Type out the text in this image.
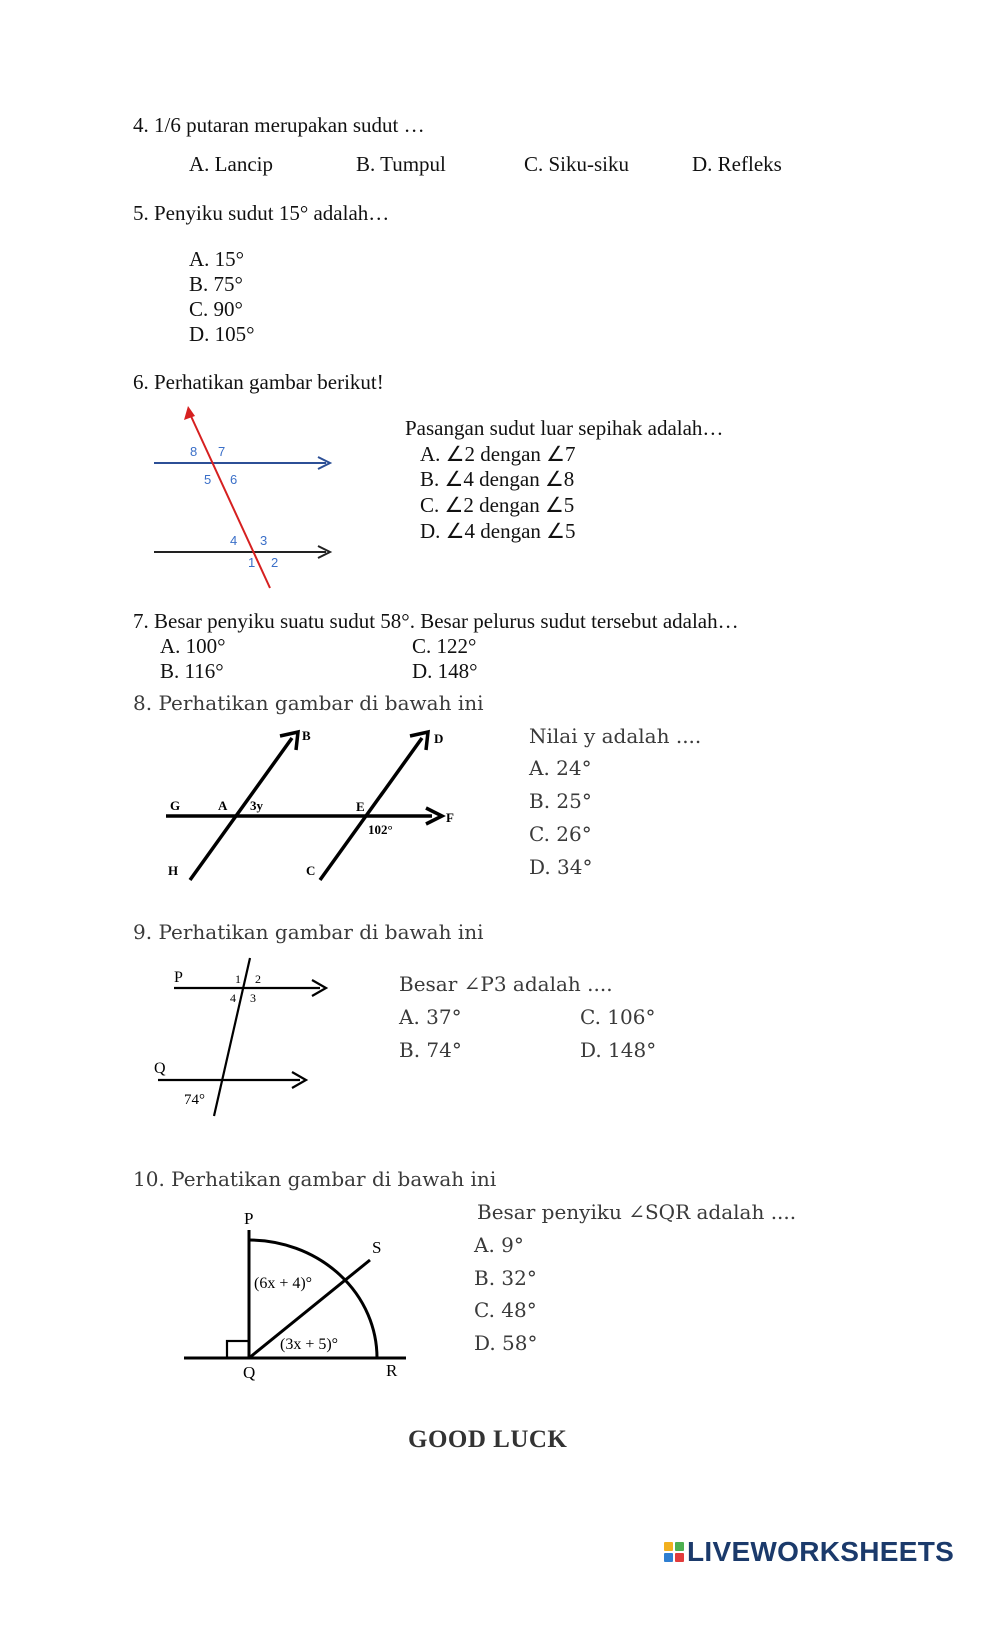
4. 1/6 putaran merupakan sudut …
A. Lancip	B. Tumpul	C. Siku-siku	D. Refleks
5. Penyiku sudut 15° adalah…
A. 15°
B. 75°
C. 90°
D. 105°
6. Perhatikan gambar berikut!
8 7
5 6
4 3
1 2
Pasangan sudut luar sepihak adalah…
A. ∠2 dengan ∠7
B. ∠4 dengan ∠8
C. ∠2 dengan ∠5
D. ∠4 dengan ∠5
7. Besar penyiku suatu sudut 58°. Besar pelurus sudut tersebut adalah…
A. 100°	C. 122°
B. 116°	D. 148°
8. Perhatikan gambar di bawah ini
B	D
G	A 3y	E
F
102°
H	C
Nilai y adalah ....
A. 24°
B. 25°
C. 26°
D. 34°
9. Perhatikan gambar di bawah ini
P	1 2
4 3
Q
74°
Besar ∠P3 adalah ....
A. 37°	C. 106°
B. 74°	D. 148°
10. Perhatikan gambar di bawah ini
P
S
(6x + 4)°
(3x + 5)°
Q	R
Besar penyiku ∠SQR adalah ....
A. 9°
B. 32°
C. 48°
D. 58°
GOOD LUCK
LIVEWORKSHEETS
